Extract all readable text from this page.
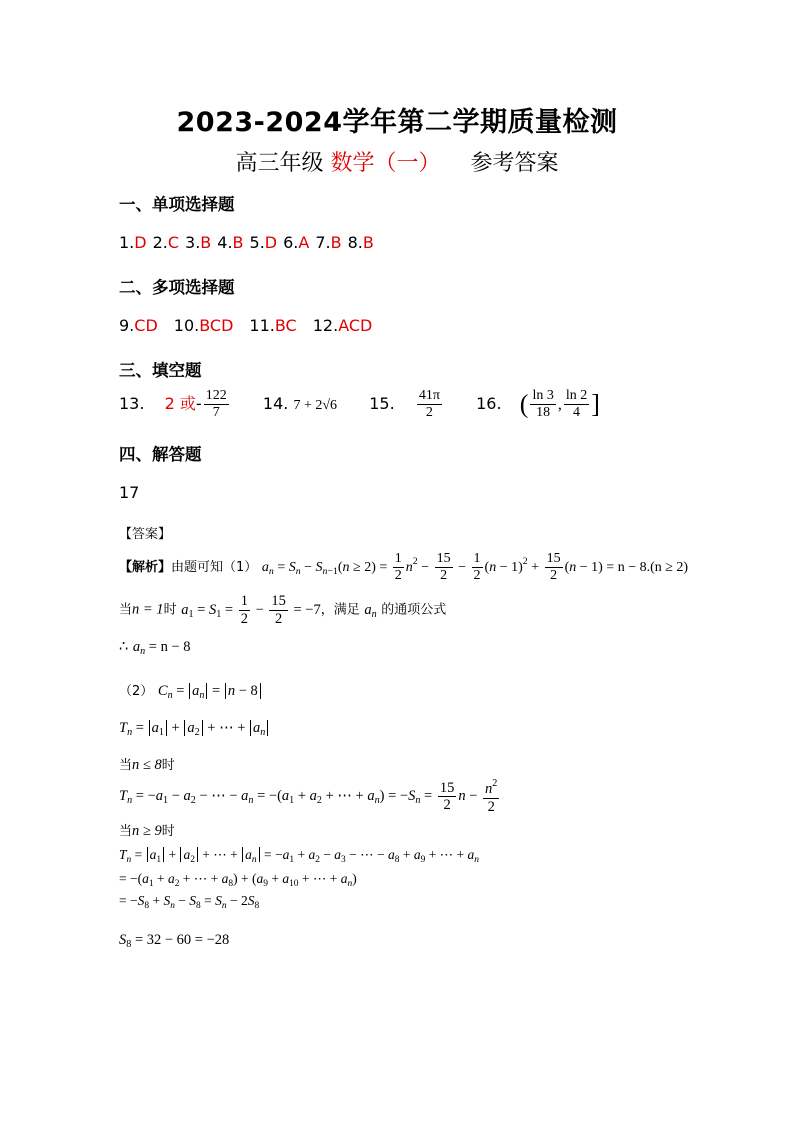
2023-2024学年第二学期质量检测
高三年级 数学（一） 参考答案
一、单项选择题
1.D 2.C 3.B 4.B 5.D 6.A 7.B 8.B
二、多项选择题
9.CD 10.BCD 11.BC 12.ACD
三、填空题
13. 2 或- $\frac{122}{7} 14$. 7 + 2√6 15. $\frac{41\pi}{2} 16$. ( $\frac{\ln 3}{18}$ , $\frac{\ln 2}{4}$ ]
四、解答题
17
【答案】
【解析】由题可知（1） $a_n = S_n - S_{n-1}(n \ge 2) = \frac{1}{2} n^2 - \frac{15}{2} - \frac{1}{2} (n - 1)^2 + \frac{15}{2} (n - 1) = n - 8.(n \ge 2)$
当n = 1时 $a_1 = S_1 = \frac{1}{2} - \frac{15}{2} = -7$，满足 $a_n$ 的通项公式
∴ $a_n = n - 8$
（2） $C_n = a_n = n - 8$
$T_n = a_1 + a_2$ + ⋯ + $a_n$
当n ≤ 8时
$T_n = -a_1 - a_2$ − ⋯ − $a_n = -(a_1 + a_2$ + ⋯ + $a_n) = -S_n = \frac{15}{2}$ $n - \frac{n^2}{2}$
当n ≥ 9时
$T_n = a_1 + a_2$ + ⋯ + $a_n = -a_1 + a_2 - a_3$ − ⋯ − $a_8 + a_9$ + ⋯ + $a_n$
= $-(a_1 + a_2$ + ⋯ + $a_8) + (a_9 + a_{10}$ + ⋯ + $a_n$)
= $-S_8 + S_n - S_8 = S_n - 2S_8$
$S_8 = 32 - 60 = -28$
